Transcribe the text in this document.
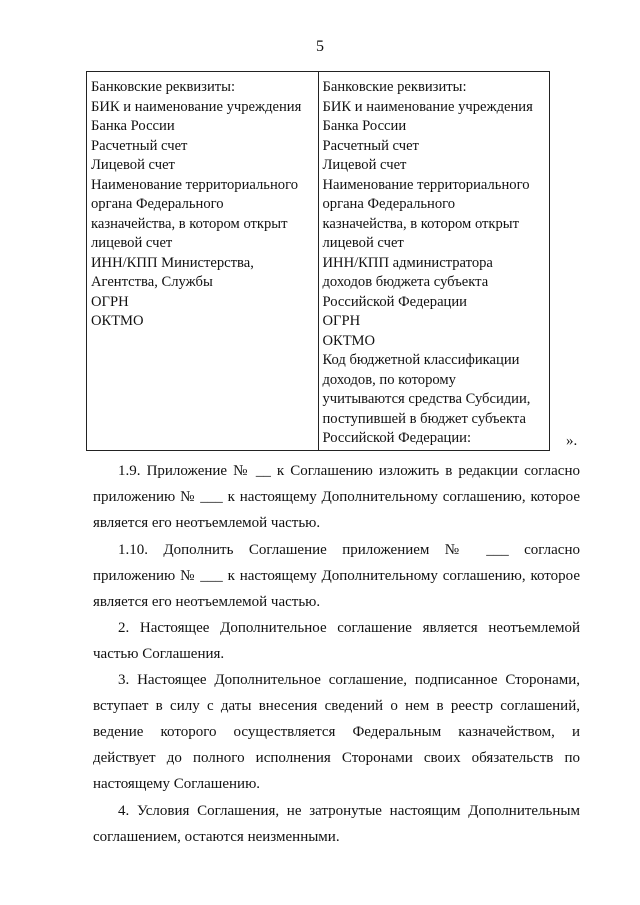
5
Банковские реквизиты:
БИК и наименование учреждения
Банка России
Расчетный счет
Лицевой счет
Наименование территориального
органа Федерального
казначейства, в котором открыт
лицевой счет
ИНН/КПП Министерства,
Агентства, Службы
ОГРН
ОКТМО

Банковские реквизиты:
БИК и наименование учреждения
Банка России
Расчетный счет
Лицевой счет
Наименование территориального
органа Федерального
казначейства, в котором открыт
лицевой счет
ИНН/КПП администратора
доходов бюджета субъекта
Российской Федерации
ОГРН
ОКТМО
Код бюджетной классификации
доходов, по которому
учитываются средства Субсидии,
поступившей в бюджет субъекта
Российской Федерации:	».

1.9. Приложение № __ к Соглашению изложить в редакции согласно

приложению № ___ к настоящему Дополнительному соглашению, которое

является его неотъемлемой частью.

1.10. Дополнить Соглашение приложением № ___ согласно

приложению № ___ к настоящему Дополнительному соглашению, которое

является его неотъемлемой частью.

2. Настоящее Дополнительное соглашение является неотъемлемой

частью Соглашения.

3. Настоящее Дополнительное соглашение, подписанное Сторонами,

вступает в силу с даты внесения сведений о нем в реестр соглашений,

ведение которого осуществляется Федеральным казначейством, и

действует до полного исполнения Сторонами своих обязательств по

настоящему Соглашению.

4. Условия Соглашения, не затронутые настоящим Дополнительным

соглашением, остаются неизменными.
